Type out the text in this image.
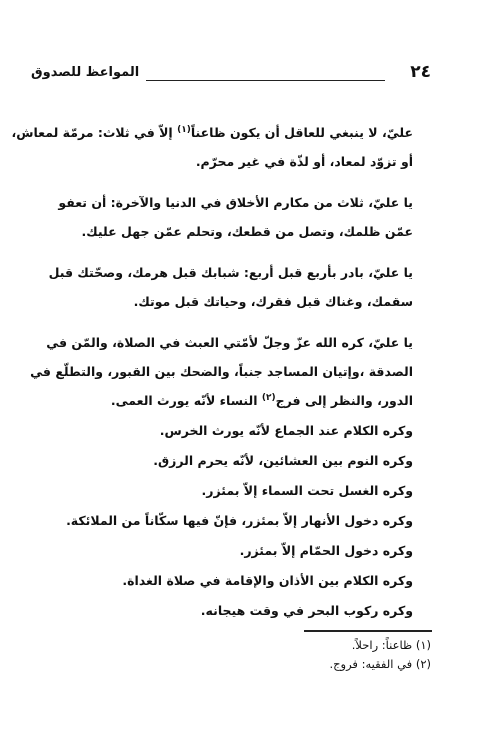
المواعظ للصدوق	٢٤

عليّ، لا ينبغي للعاقل أن يكون ظاعناً$^{(١)}$ إلاّ في ثلاث: مرمّة لمعاش،
أو تزوّد لمعاد، أو لذّة في غير محرّم.

يا عليّ، ثلاث من مكارم الأخلاق في الدنيا والآخرة: أن تعفو
عمّن ظلمك، وتصل من قطعك، وتحلم عمّن جهل عليك.

يا عليّ، بادر بأربع قبل أربع: شبابك قبل هرمك، وصحّتك قبل
سقمك، وغناك قبل فقرك، وحياتك قبل موتك.

يا عليّ، كره الله عزّ وجلّ لأمّتي العبث في الصلاة، والمّن في
الصدقة ،وإتيان المساجد جنباً، والضحك بين القبور، والتطلّع في
الدور، والنظر إلى فرج$^{(٢)}$ النساء لأنّه يورث العمى.

وكره الكلام عند الجماع لأنّه يورث الخرس.

وكره النوم بين العشائين، لأنّه يحرم الرزق.

وكره الغسل تحت السماء إلاّ بمئزر.

وكره دخول الأنهار إلاّ بمئزر، فإنّ فيها سكّاناً من الملائكة.

وكره دخول الحمّام إلاّ بمئزر.

وكره الكلام بين الأذان والإقامة في صلاة الغداة.

وكره ركوب البحر في وقت هيجانه.

(١) ظاعناً: راحلاً.
(٢) في الفقيه: فروج.
